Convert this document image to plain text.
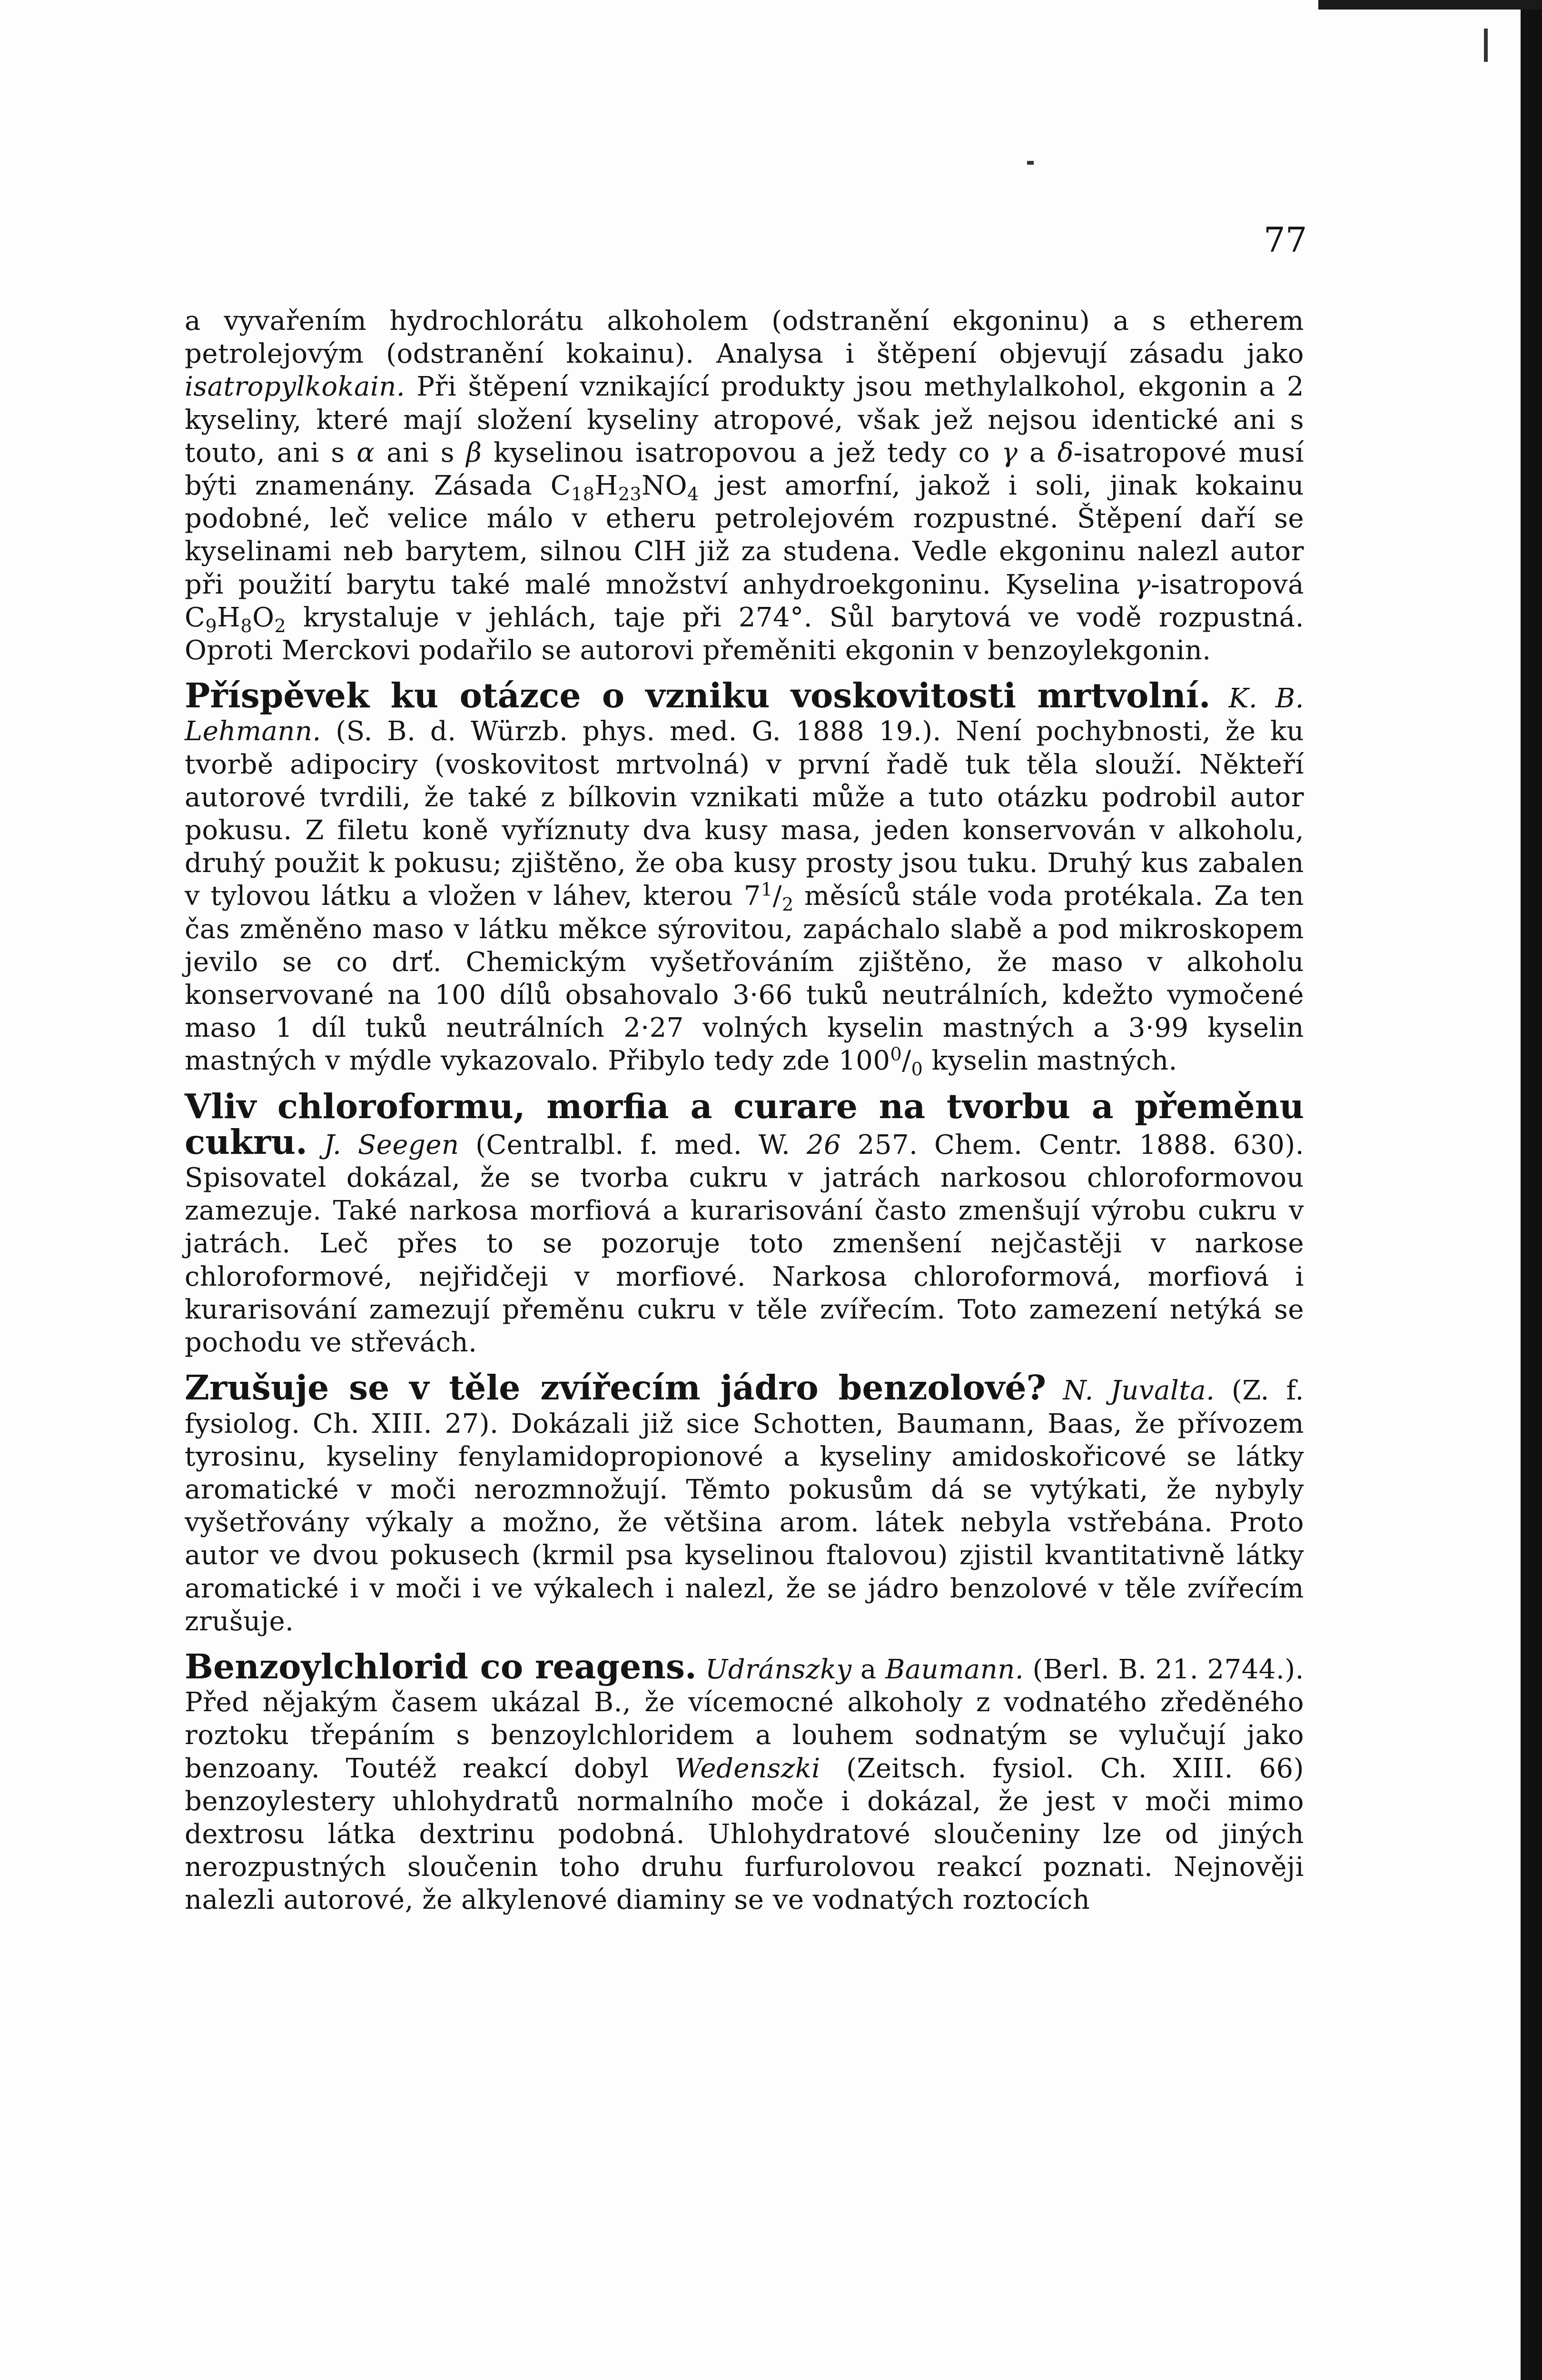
77

a vyvařením hydrochlorátu alkoholem (odstranění ekgoninu) a s etherem petrolejovým (odstranění kokainu). Analysa i štěpení objevují zásadu jako isatropylkokain. Při štěpení vznikající produkty jsou methylalkohol, ekgonin a 2 kyseliny, které mají složení kyseliny atropové, však jež nejsou identické ani s touto, ani s α ani s β kyselinou isatropovou a jež tedy co γ a δ-isatropové musí býti znamenány. Zásada $C_{18}H_{23}NO_4$ jest amorfní, jakož i soli, jinak kokainu podobné, leč velice málo v etheru petrolejovém rozpustné. Štěpení daří se kyselinami neb barytem, silnou ClH již za studena. Vedle ekgoninu nalezl autor při použití barytu také malé množství anhydroekgoninu. Kyselina γ-isatropová $C_9H_8O_2$ krystaluje v jehlách, taje při 274°. Sůl barytová ve vodě rozpustná. Oproti Merckovi podařilo se autorovi přeměniti ekgonin v benzoylekgonin.

Příspěvek ku otázce o vzniku voskovitosti mrtvolní. K. B. Lehmann. (S. B. d. Würzb. phys. med. G. 1888 19.). Není pochybnosti, že ku tvorbě adipociry (voskovitost mrtvolná) v první řadě tuk těla slouží. Někteří autorové tvrdili, že také z bílkovin vznikati může a tuto otázku podrobil autor pokusu. Z filetu koně vyříznuty dva kusy masa, jeden konservován v alkoholu, druhý použit k pokusu; zjištěno, že oba kusy prosty jsou tuku. Druhý kus zabalen v tylovou látku a vložen v láhev, kterou $7^1/_2$ měsíců stále voda protékala. Za ten čas změněno maso v látku měkce sýrovitou, zapáchalo slabě a pod mikroskopem jevilo se co drť. Chemickým vyšetřováním zjištěno, že maso v alkoholu konservované na 100 dílů obsahovalo 3·66 tuků neutrálních, kdežto vymočené maso 1 díl tuků neutrálních 2·27 volných kyselin mastných a 3·99 kyselin mastných v mýdle vykazovalo. Přibylo tedy zde $100^0/_0$ kyselin mastných.

Vliv chloroformu, morfia a curare na tvorbu a přeměnu cukru. J. Seegen (Centralbl. f. med. W. 26 257. Chem. Centr. 1888. 630). Spisovatel dokázal, že se tvorba cukru v jatrách narkosou chloroformovou zamezuje. Také narkosa morfiová a kurarisování často zmenšují výrobu cukru v jatrách. Leč přes to se pozoruje toto zmenšení nejčastěji v narkose chloroformové, nejřidčeji v morfiové. Narkosa chloroformová, morfiová i kurarisování zamezují přeměnu cukru v těle zvířecím. Toto zamezení netýká se pochodu ve střevách.

Zrušuje se v těle zvířecím jádro benzolové? N. Juvalta. (Z. f. fysiolog. Ch. XIII. 27). Dokázali již sice Schotten, Baumann, Baas, že přívozem tyrosinu, kyseliny fenylamidopropionové a kyseliny amidoskořicové se látky aromatické v moči nerozmnožují. Těmto pokusům dá se vytýkati, že nybyly vyšetřovány výkaly a možno, že většina arom. látek nebyla vstřebána. Proto autor ve dvou pokusech (krmil psa kyselinou ftalovou) zjistil kvantitativně látky aromatické i v moči i ve výkalech i nalezl, že se jádro benzolové v těle zvířecím zrušuje.

Benzoylchlorid co reagens. Udránszky a Baumann. (Berl. B. 21. 2744.). Před nějakým časem ukázal B., že vícemocné alkoholy z vodnatého zředěného roztoku třepáním s benzoylchloridem a louhem sodnatým se vylučují jako benzoany. Toutéž reakcí dobyl Wedenszki (Zeitsch. fysiol. Ch. XIII. 66) benzoylestery uhlohydratů normalního moče i dokázal, že jest v moči mimo dextrosu látka dextrinu podobná. Uhlohydratové sloučeniny lze od jiných nerozpustných sloučenin toho druhu furfurolovou reakcí poznati. Nejnověji nalezli autorové, že alkylenové diaminy se ve vodnatých roztocích
